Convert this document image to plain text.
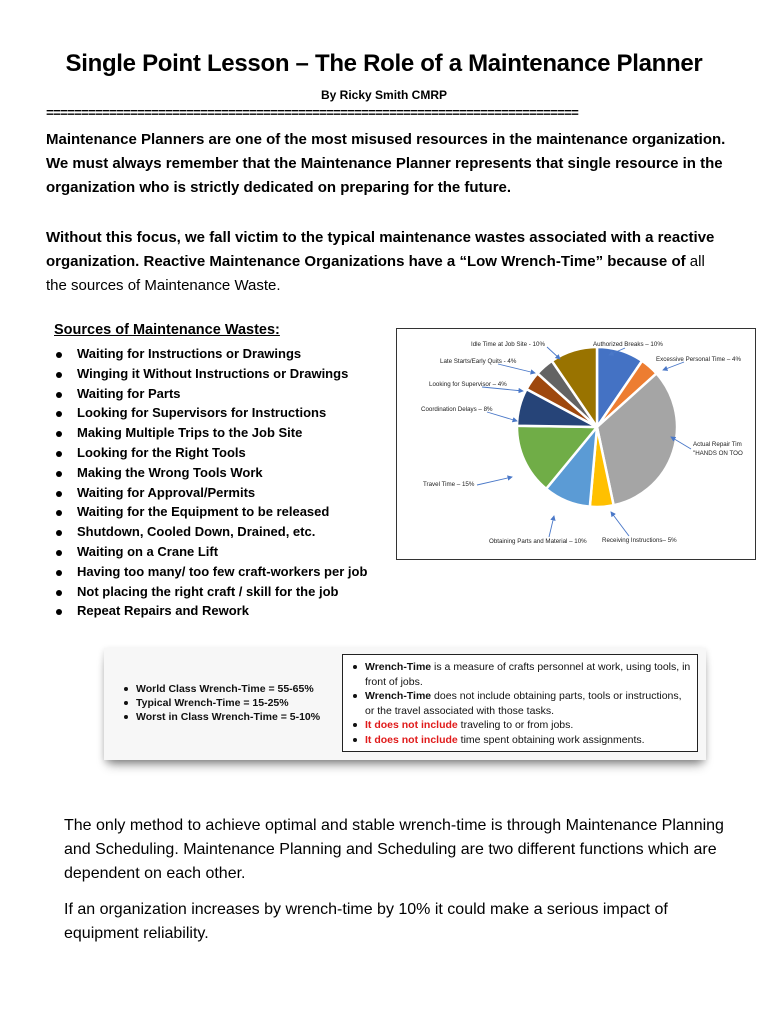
Single Point Lesson – The Role of a Maintenance Planner
By Ricky Smith CMRP
============================================================================
Maintenance Planners are one of the most misused resources in the maintenance organization. We must always remember that the Maintenance Planner represents that single resource in the organization who is strictly dedicated on preparing for the future.
Without this focus, we fall victim to the typical maintenance wastes associated with a reactive organization. Reactive Maintenance Organizations have a “Low Wrench-Time” because of all the sources of Maintenance Waste.
Sources of Maintenance Wastes:
Waiting for Instructions or Drawings
Winging it Without Instructions or Drawings
Waiting for Parts
Looking for Supervisors for Instructions
Making Multiple Trips to the Job Site
Looking for the Right Tools
Making the Wrong Tools Work
Waiting for Approval/Permits
Waiting for the Equipment to be released
Shutdown, Cooled Down, Drained, etc.
Waiting on a Crane Lift
Having too many/ too few craft-workers per job
Not placing the right craft / skill for the job
Repeat Repairs and Rework
Idle Time at Job Site - 10%	Authorized Breaks – 10%
Late Starts/Early Quits - 4%	Excessive Personal Time – 4%
Looking for Supervisor – 4%
Coordination Delays – 8%
Actual Repair Tim
"HANDS ON TOO
Travel Time – 15%
Obtaining Parts and Material – 10% Receiving Instructions– 5%
World Class Wrench-Time = 55-65%
Typical Wrench-Time = 15-25%
Worst in Class Wrench-Time = 5-10%
Wrench-Time is a measure of crafts personnel at work, using tools, in front of jobs.
Wrench-Time does not include obtaining parts, tools or instructions, or the travel associated with those tasks.
It does not include traveling to or from jobs.
It does not include time spent obtaining work assignments.
The only method to achieve optimal and stable wrench-time is through Maintenance Planning and Scheduling. Maintenance Planning and Scheduling are two different functions which are dependent on each other.
If an organization increases by wrench-time by 10% it could make a serious impact of equipment reliability.
